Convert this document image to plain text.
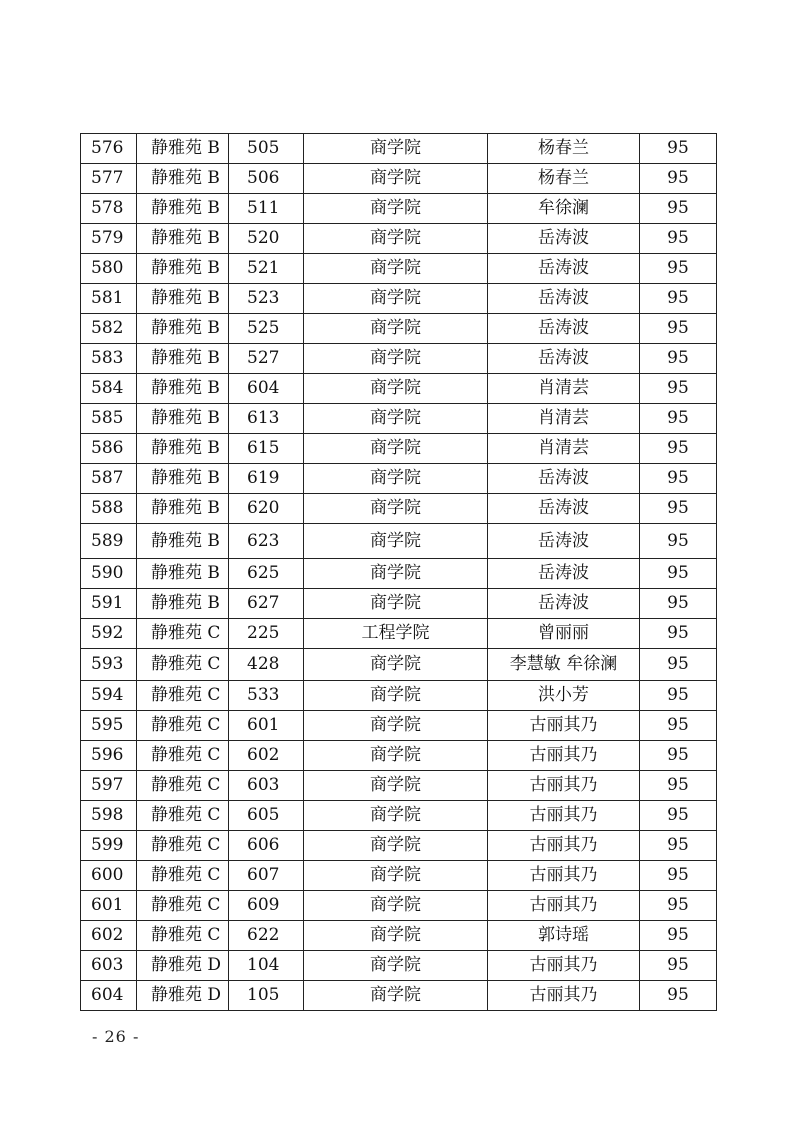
576	静雅苑 B	505	商学院	杨春兰	95
577	静雅苑 B	506	商学院	杨春兰	95
578	静雅苑 B	511	商学院	牟徐澜	95
579	静雅苑 B	520	商学院	岳涛波	95
580	静雅苑 B	521	商学院	岳涛波	95
581	静雅苑 B	523	商学院	岳涛波	95
582	静雅苑 B	525	商学院	岳涛波	95
583	静雅苑 B	527	商学院	岳涛波	95
584	静雅苑 B	604	商学院	肖清芸	95
585	静雅苑 B	613	商学院	肖清芸	95
586	静雅苑 B	615	商学院	肖清芸	95
587	静雅苑 B	619	商学院	岳涛波	95
588	静雅苑 B	620	商学院	岳涛波	95
589	静雅苑 B	623	商学院	岳涛波	95
590	静雅苑 B	625	商学院	岳涛波	95
591	静雅苑 B	627	商学院	岳涛波	95
592	静雅苑 C	225	工程学院	曾丽丽	95
593	静雅苑 C	428	商学院	李慧敏 牟徐澜	95
594	静雅苑 C	533	商学院	洪小芳	95
595	静雅苑 C	601	商学院	古丽其乃	95
596	静雅苑 C	602	商学院	古丽其乃	95
597	静雅苑 C	603	商学院	古丽其乃	95
598	静雅苑 C	605	商学院	古丽其乃	95
599	静雅苑 C	606	商学院	古丽其乃	95
600	静雅苑 C	607	商学院	古丽其乃	95
601	静雅苑 C	609	商学院	古丽其乃	95
602	静雅苑 C	622	商学院	郭诗瑶	95
603	静雅苑 D	104	商学院	古丽其乃	95
604	静雅苑 D	105	商学院	古丽其乃	95
- 26 -
